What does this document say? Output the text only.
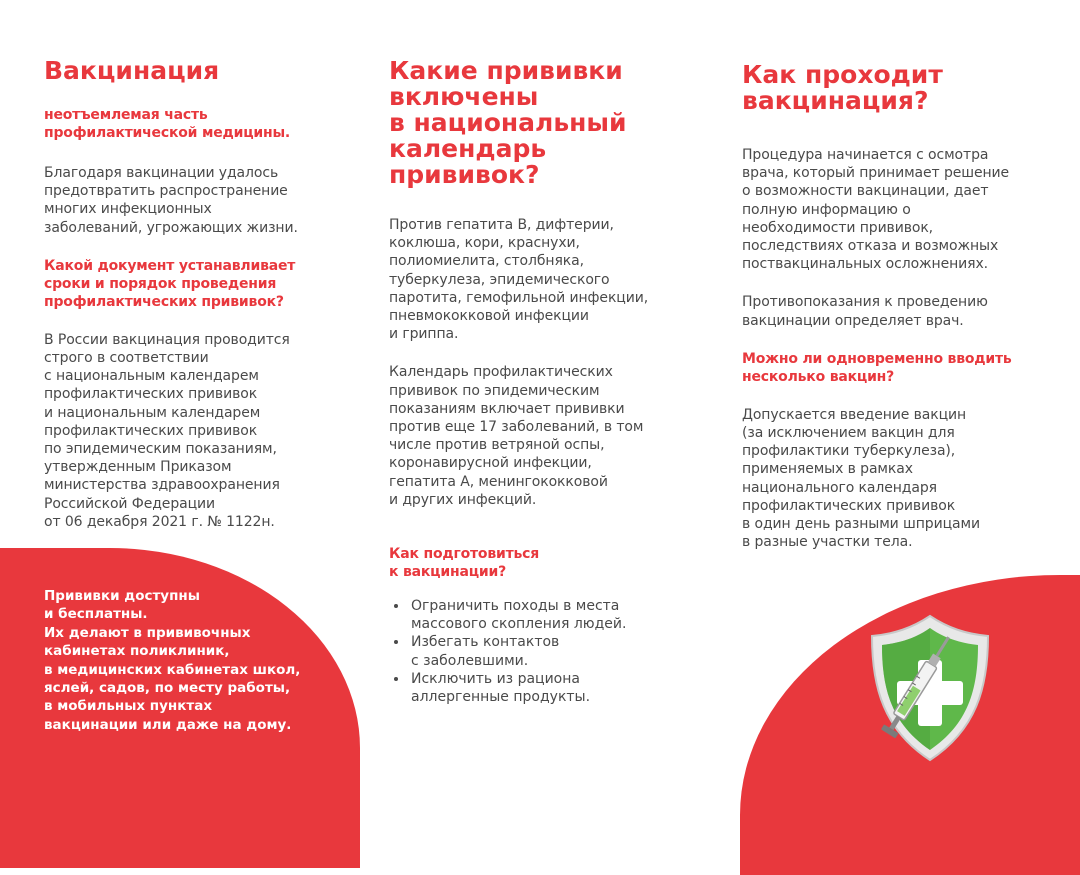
Вакцинация

неотъемлемая часть
профилактической медицины.

Благодаря вакцинации удалось
предотвратить распространение
многих инфекционных
заболеваний, угрожающих жизни.

Какой документ устанавливает
сроки и порядок проведения
профилактических прививок?

В России вакцинация проводится
строго в соответствии
с национальным календарем
профилактических прививок
и национальным календарем
профилактических прививок
по эпидемическим показаниям,
утвержденным Приказом
министерства здравоохранения
Российской Федерации
от 06 декабря 2021 г. № 1122н.

Какие прививки
включены
в национальный
календарь
прививок?

Против гепатита В, дифтерии,
коклюша, кори, краснухи,
полиомиелита, столбняка,
туберкулеза, эпидемического
паротита, гемофильной инфекции,
пневмококковой инфекции
и гриппа.

Календарь профилактических
прививок по эпидемическим
показаниям включает прививки
против еще 17 заболеваний, в том
числе против ветряной оспы,
коронавирусной инфекции,
гепатита А, менингококковой
и других инфекций.

Как подготовиться
к вакцинации?

• Ограничить походы в места
массового скопления людей.
• Избегать контактов
с заболевшими.
• Исключить из рациона
аллергенные продукты.
Как проходит
вакцинация?

Процедура начинается с осмотра
врача, который принимает решение
о возможности вакцинации, дает
полную информацию о
необходимости прививок,
последствиях отказа и возможных
поствакцинальных осложнениях.

Противопоказания к проведению
вакцинации определяет врач.

Можно ли одновременно вводить
несколько вакцин?

Допускается введение вакцин
(за исключением вакцин для
профилактики туберкулеза),
применяемых в рамках
национального календаря
профилактических прививок
в один день разными шприцами
в разные участки тела.

Прививки доступны
и бесплатны.
Их делают в прививочных
кабинетах поликлиник,
в медицинских кабинетах школ,
яслей, садов, по месту работы,
в мобильных пунктах
вакцинации или даже на дому.
